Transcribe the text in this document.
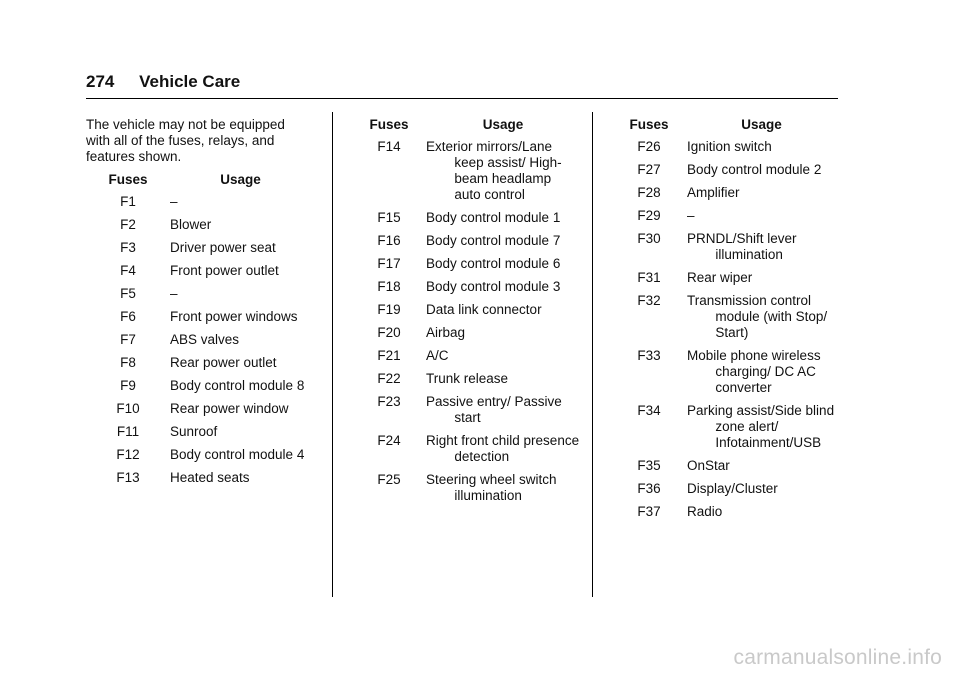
274 Vehicle Care
The vehicle may not be equipped with all of the fuses, relays, and features shown.
Fuses	Usage
F1	–
F2	Blower
F3	Driver power seat
F4	Front power outlet
F5	–
F6	Front power windows
F7	ABS valves
F8	Rear power outlet
F9	Body control module 8
F10	Rear power window
F11	Sunroof
F12	Body control module 4
F13	Heated seats
Fuses	Usage
F14	Exterior mirrors/Lane keep assist/ High-beam headlamp auto control
F15	Body control module 1
F16	Body control module 7
F17	Body control module 6
F18	Body control module 3
F19	Data link connector
F20	Airbag
F21	A/C
F22	Trunk release
F23	Passive entry/ Passive start
F24	Right front child presence detection
F25	Steering wheel switch illumination
Fuses	Usage
F26	Ignition switch
F27	Body control module 2
F28	Amplifier
F29	–
F30	PRNDL/Shift lever illumination
F31	Rear wiper
F32	Transmission control module (with Stop/ Start)
F33	Mobile phone wireless charging/ DC AC converter
F34	Parking assist/Side blind zone alert/ Infotainment/USB
F35	OnStar
F36	Display/Cluster
F37	Radio
carmanualsonline.info
